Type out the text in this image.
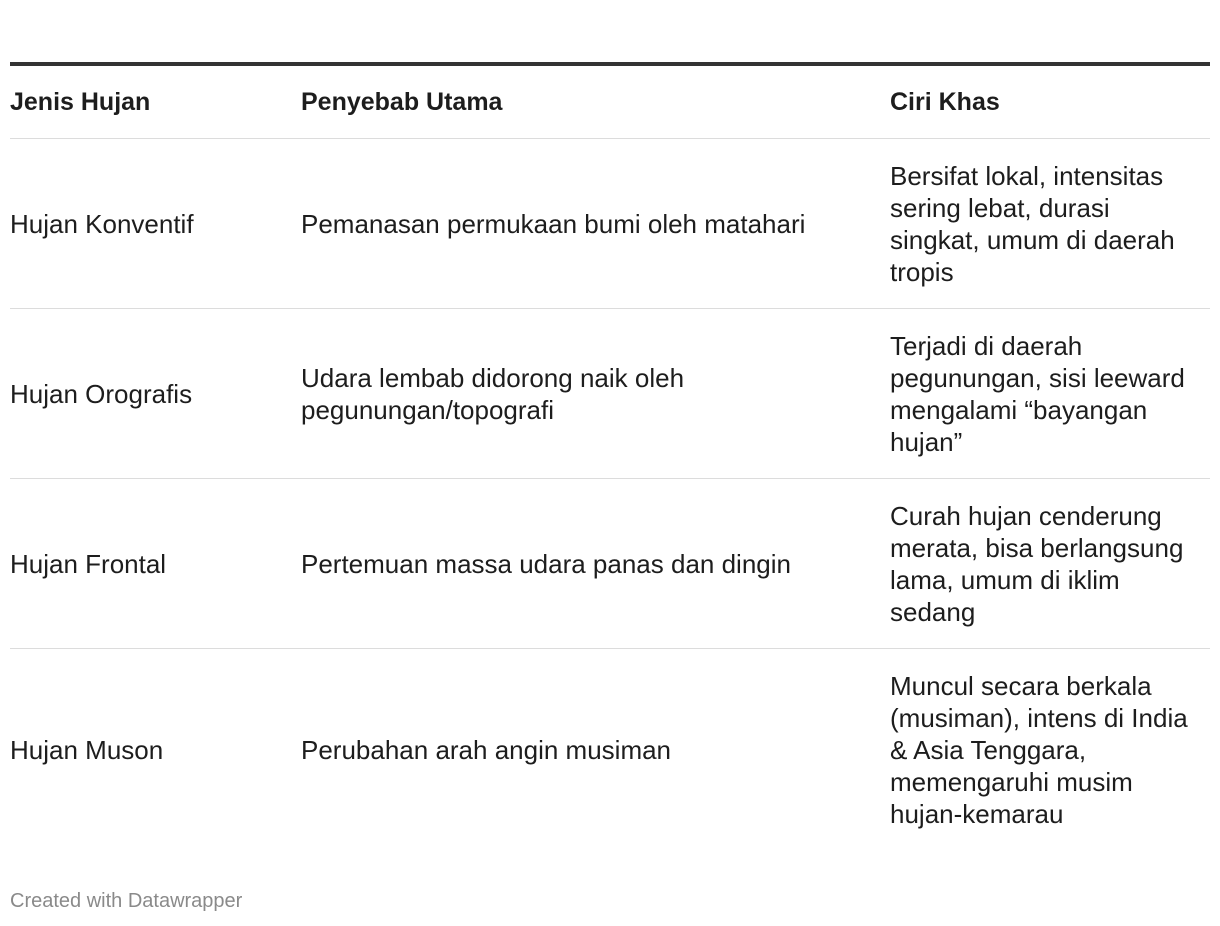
Jenis Hujan	Penyebab Utama	Ciri Khas

Hujan Konventif	Pemanasan permukaan bumi oleh matahari	Bersifat lokal, intensitas sering lebat, durasi singkat, umum di daerah tropis

Hujan Orografis	Udara lembab didorong naik oleh pegunungan/topografi	Terjadi di daerah pegunungan, sisi leeward mengalami “bayangan hujan”

Hujan Frontal	Pertemuan massa udara panas dan dingin	Curah hujan cenderung merata, bisa berlangsung lama, umum di iklim sedang

Hujan Muson	Perubahan arah angin musiman	Muncul secara berkala (musiman), intens di India & Asia Tenggara, memengaruhi musim hujan-kemarau
Created with Datawrapper
